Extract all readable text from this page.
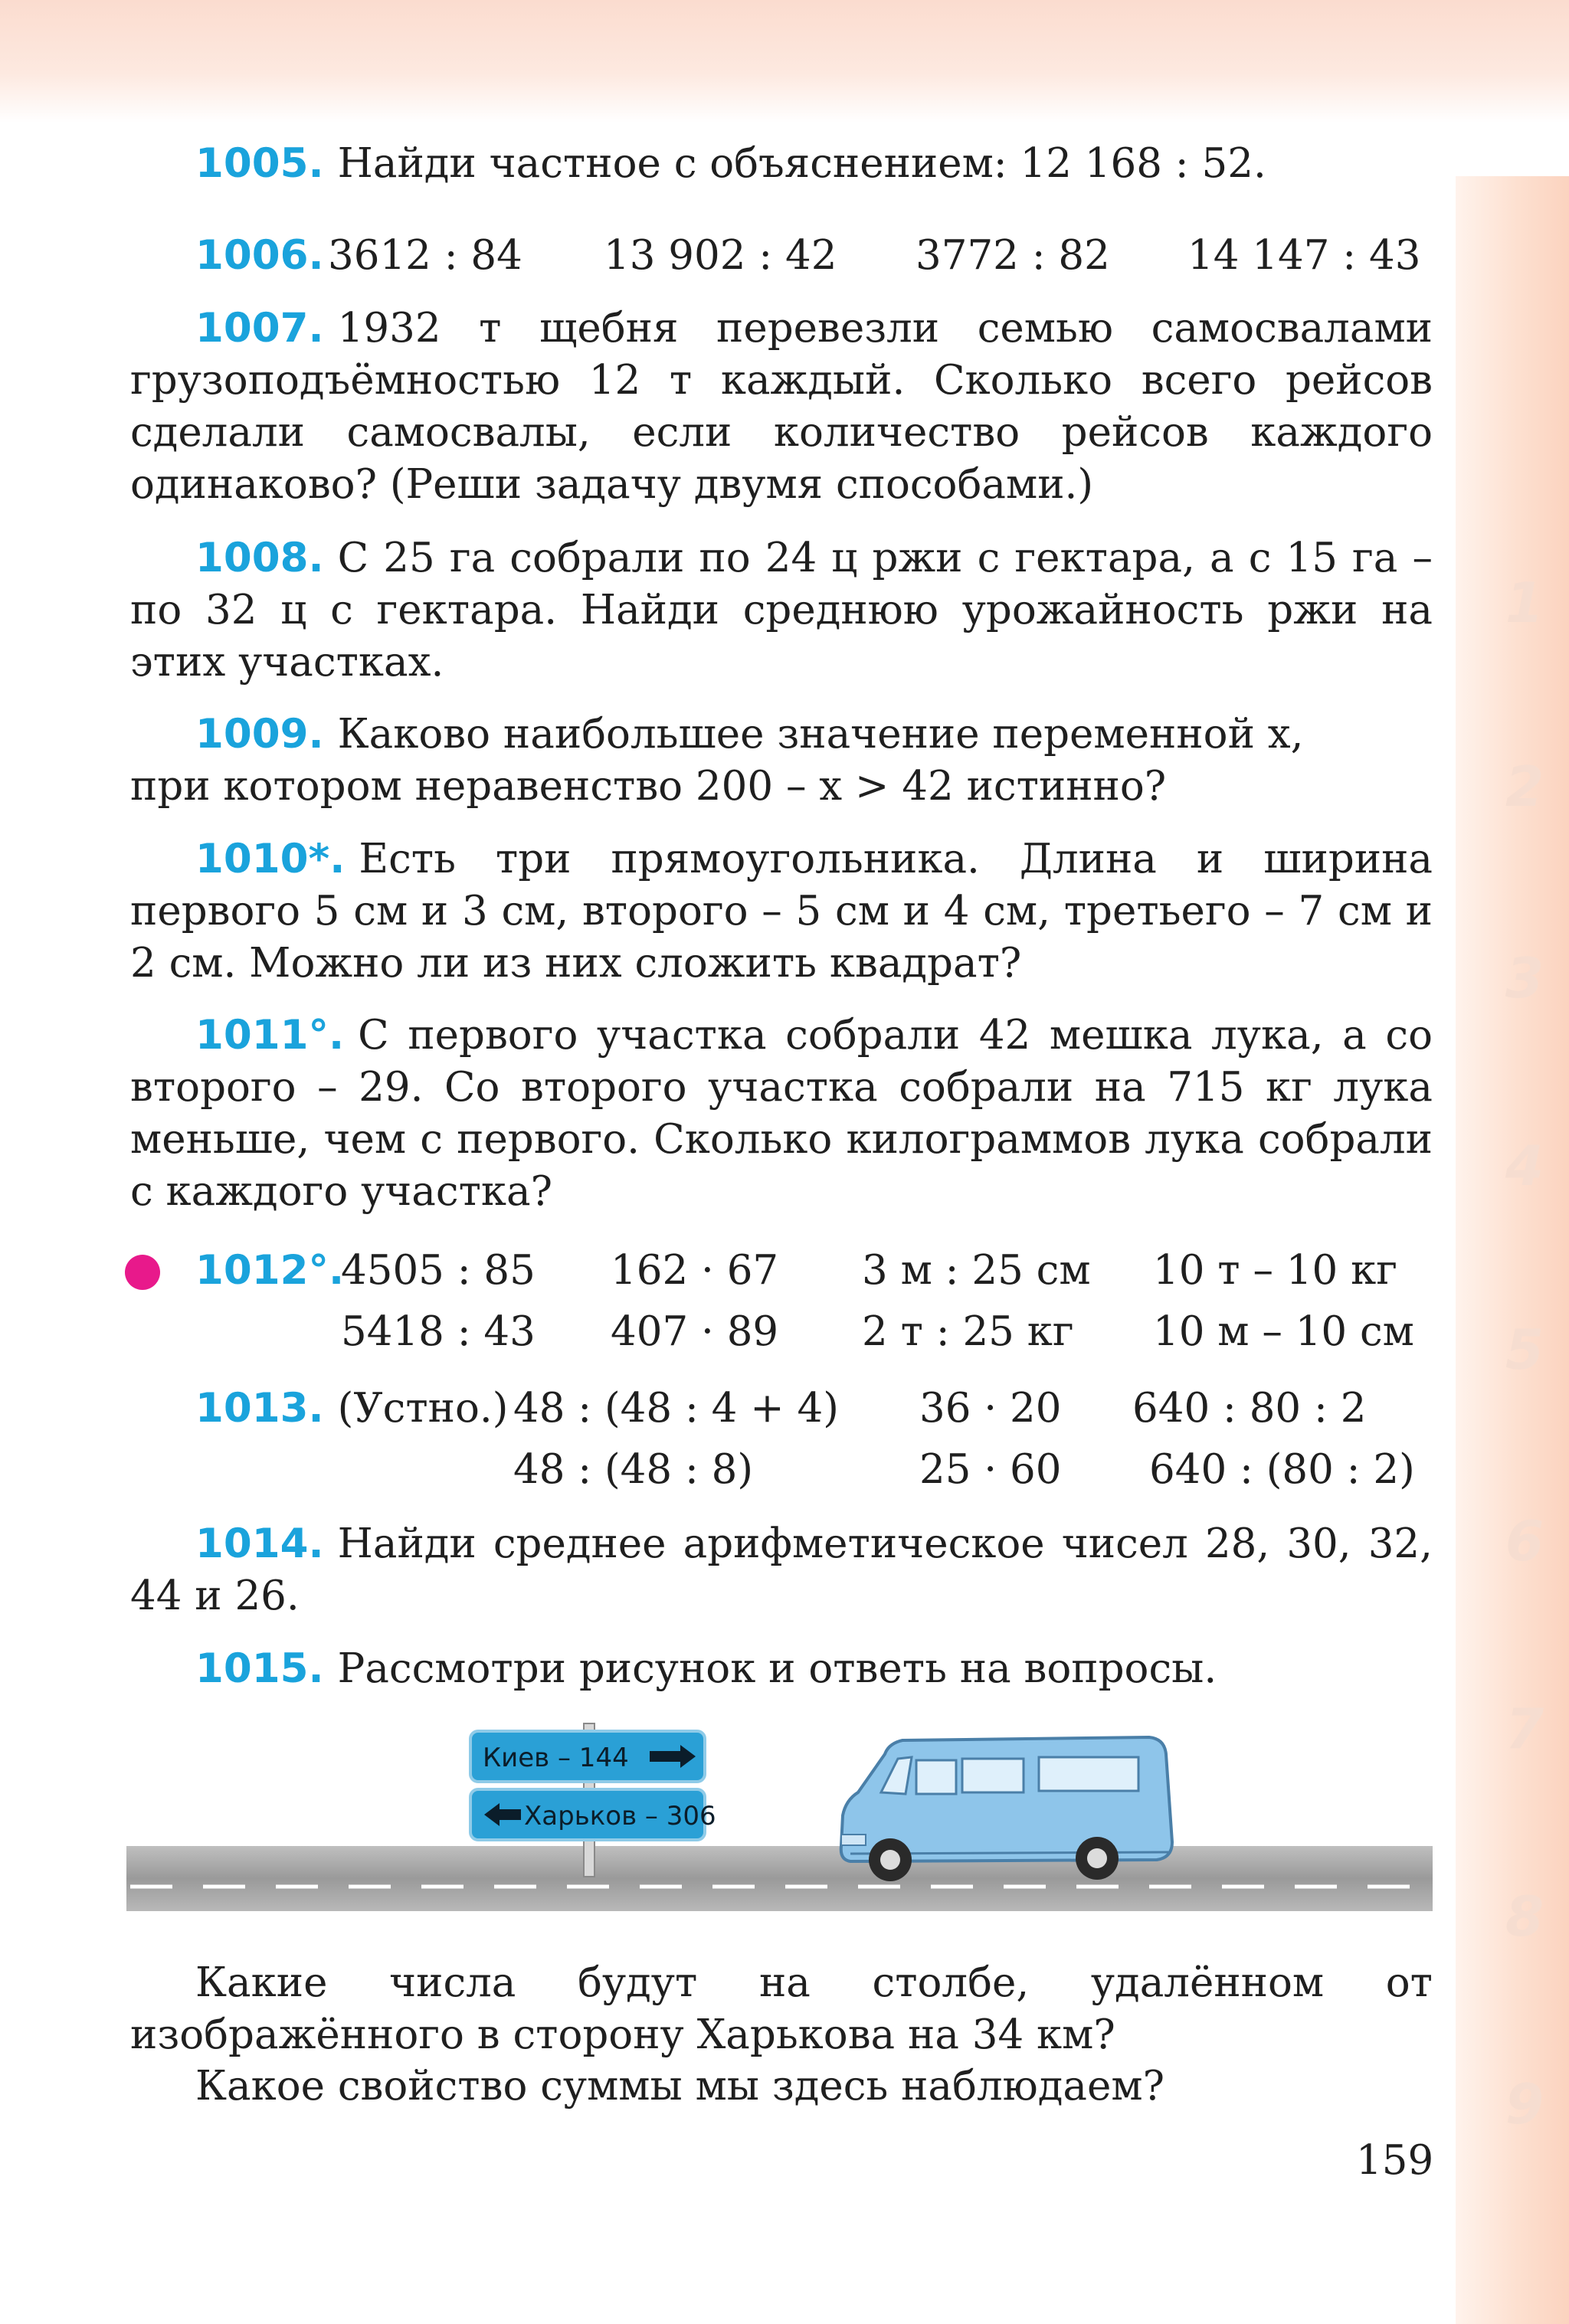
1
2
3
4
5
6
7
8
9
1005. Найди частное с объяснением: 12 168 : 52.
1006. 3612 : 84 13 902 : 42 3772 : 82 14 147 : 43
1007. 1932 т щебня перевезли семью самосвалами грузоподъёмностью 12 т каждый. Сколько всего рейсов сделали самосвалы, если количество рейсов каждого одинаково? (Реши задачу двумя способами.)
1008. С 25 га собрали по 24 ц ржи с гектара, а с 15 га – по 32 ц с гектара. Найди среднюю урожайность ржи на этих участках.
1009. Каково наибольшее значение переменной x,
при котором неравенство 200 – x > 42 истинно?
1010*. Есть три прямоугольника. Длина и ширина первого 5 см и 3 см, второго – 5 см и 4 см, третьего – 7 см и 2 см. Можно ли из них сложить квадрат?
1011°. С первого участка собрали 42 мешка лука, а со второго – 29. Со второго участка собрали на 715 кг лука меньше, чем с первого. Сколько килограммов лука собрали с каждого участка?
1012°.
4505 : 85 162 · 67 3 м : 25 см 10 т – 10 кг
5418 : 43 407 · 89 2 т : 25 кг 10 м – 10 см
1013. (Устно.) 48 : (48 : 4 + 4) 36 · 20 640 : 80 : 2
48 : (48 : 8)	25 · 60 640 : (80 : 2)
1014. Найди среднее арифметическое чисел 28, 30, 32, 44 и 26.
1015. Рассмотри рисунок и ответь на вопросы.
Киев – 144
Харьков – 306
Какие числа будут на столбе, удалённом от изображённого в сторону Харькова на 34 км?
Какое свойство суммы мы здесь наблюдаем?
159
